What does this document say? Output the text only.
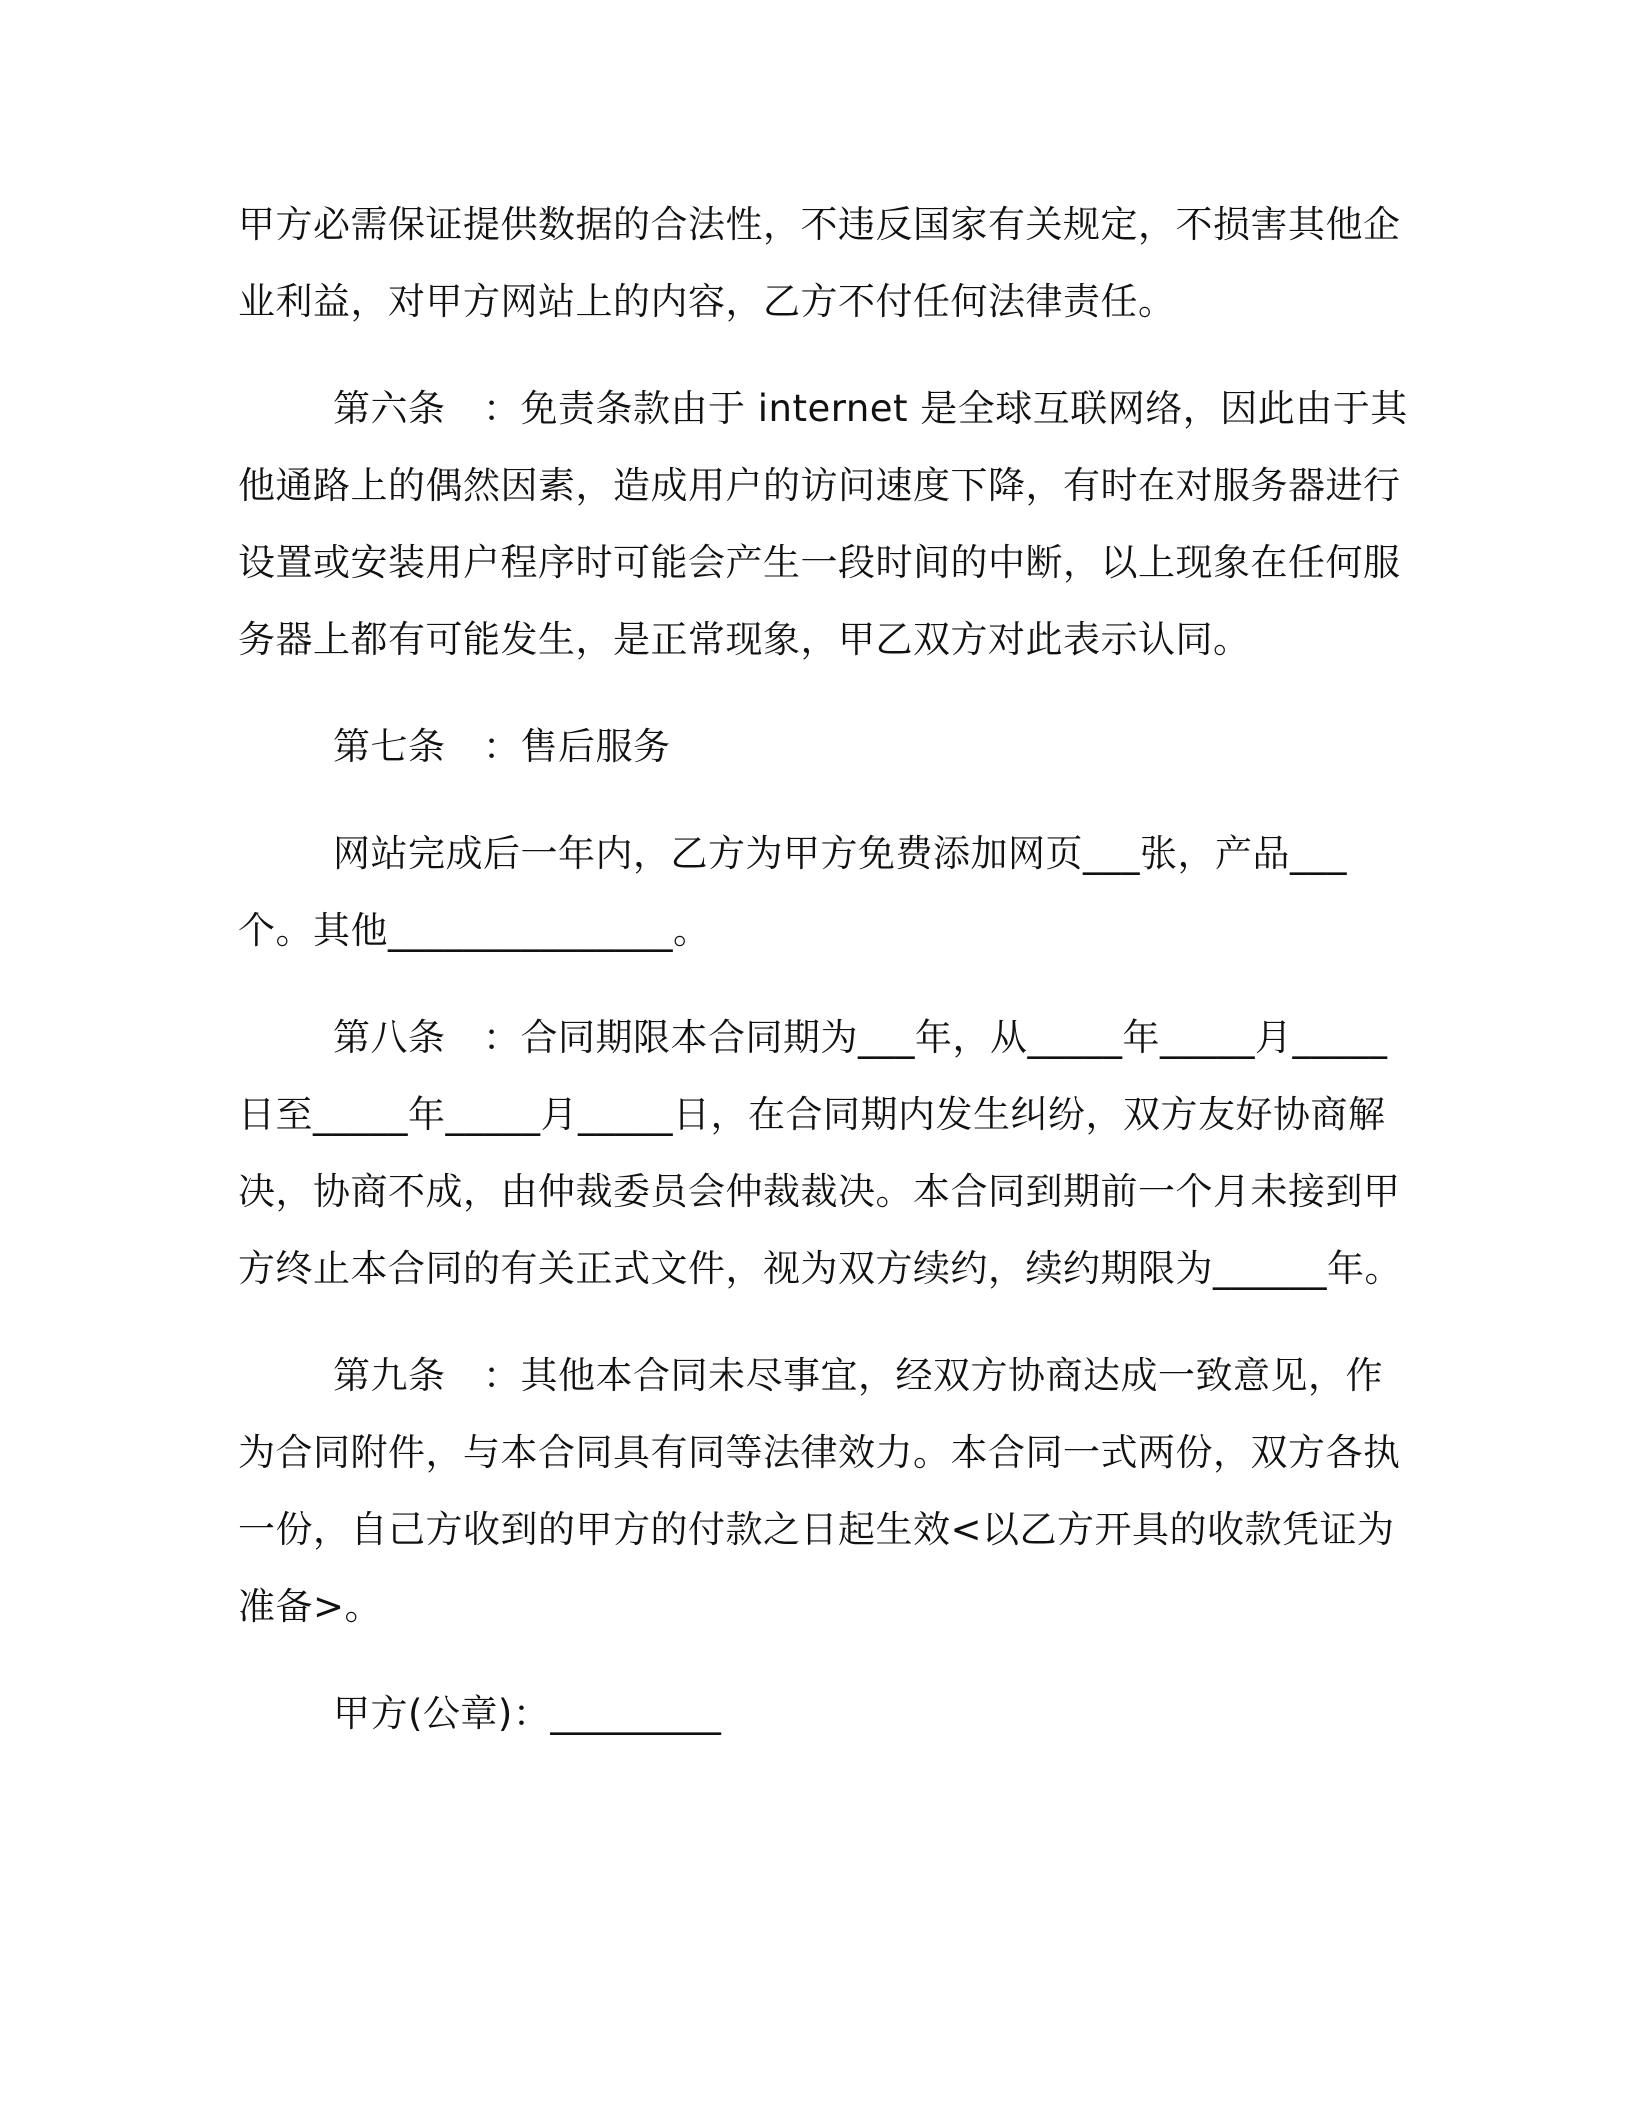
甲方必需保证提供数据的合法性，不违反国家有关规定，不损害其他企业利益，对甲方网站上的内容，乙方不付任何法律责任。

第六条　：免责条款由于 internet 是全球互联网络，因此由于其他通路上的偶然因素，造成用户的访问速度下降，有时在对服务器进行设置或安装用户程序时可能会产生一段时间的中断，以上现象在任何服务器上都有可能发生，是正常现象，甲乙双方对此表示认同。

第七条　：售后服务

网站完成后一年内，乙方为甲方免费添加网页___张，产品___个。其他_______________。

第八条　：合同期限本合同期为___年，从_____年_____月_____日至_____年_____月_____日，在合同期内发生纠纷，双方友好协商解决，协商不成，由仲裁委员会仲裁裁决。本合同到期前一个月未接到甲方终止本合同的有关正式文件，视为双方续约，续约期限为______年。

第九条　：其他本合同未尽事宜，经双方协商达成一致意见，作为合同附件，与本合同具有同等法律效力。本合同一式两份，双方各执一份，自己方收到的甲方的付款之日起生效<以乙方开具的收款凭证为准备>。

甲方(公章)：_________
